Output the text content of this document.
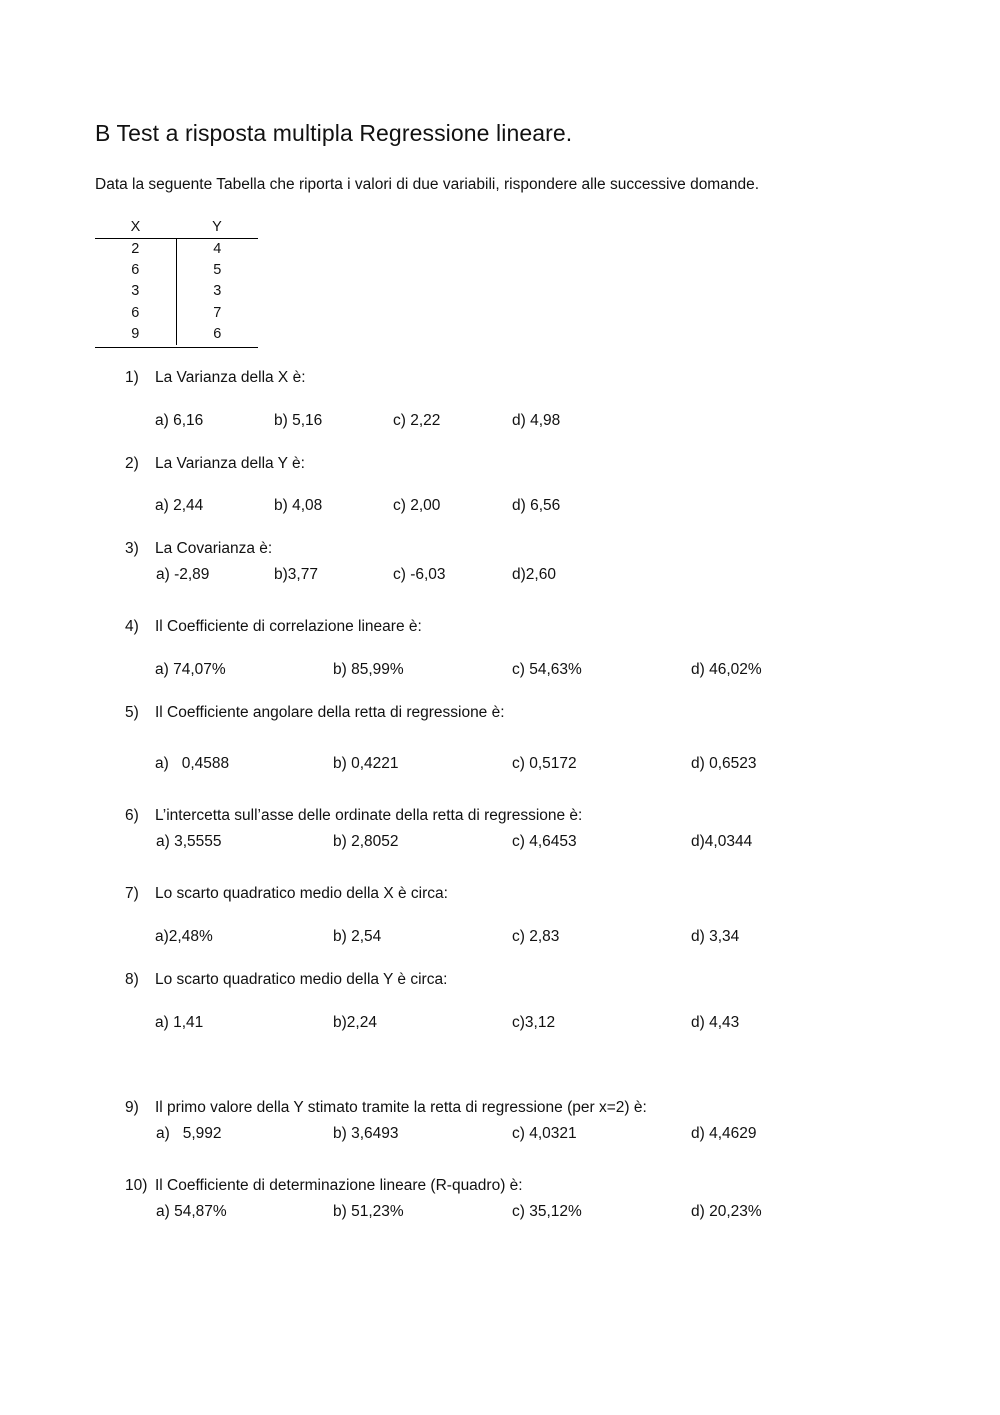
B Test a risposta multipla Regressione lineare.
Data la seguente Tabella che riporta i valori di due variabili, rispondere alle successive domande.
X	Y
2	4
6	5
3	3
6	7
9	6
1) La Varianza della X è:
a) 6,16	b) 5,16	c) 2,22	d) 4,98
2) La Varianza della Y è:
a) 2,44	b) 4,08	c) 2,00	d) 6,56
3) La Covarianza è:
a) -2,89	b)3,77	c) -6,03	d)2,60
4) Il Coefficiente di correlazione lineare è:
a) 74,07%	b) 85,99%	c) 54,63%	d) 46,02%
5) Il Coefficiente angolare della retta di regressione è:
a)   0,4588	b) 0,4221	c) 0,5172	d) 0,6523
6) L’intercetta sull’asse delle ordinate della retta di regressione è:
a) 3,5555	b) 2,8052	c) 4,6453	d)4,0344
7) Lo scarto quadratico medio della X è circa:
a)2,48%	b) 2,54	c) 2,83	d) 3,34
8) Lo scarto quadratico medio della Y è circa:
a) 1,41	b)2,24	c)3,12	d) 4,43
9) Il primo valore della Y stimato tramite la retta di regressione (per x=2) è:
a)   5,992	b) 3,6493	c) 4,0321	d) 4,4629
10) Il Coefficiente di determinazione lineare (R-quadro) è:
a) 54,87%	b) 51,23%	c) 35,12%	d) 20,23%
